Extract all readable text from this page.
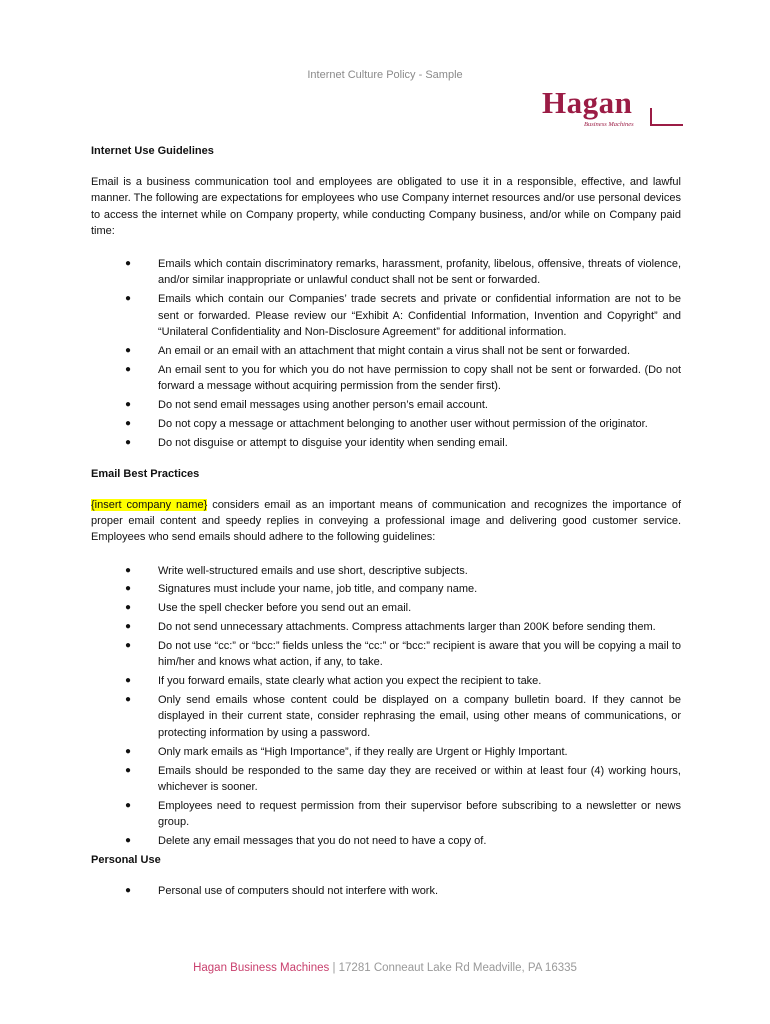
Internet Culture Policy - Sample
Hagan
Business Machines

Internet Use Guidelines

Email is a business communication tool and employees are obligated to use it in a responsible, effective, and lawful manner. The following are expectations for employees who use Company internet resources and/or use personal devices to access the internet while on Company property, while conducting Company business, and/or while on Company paid time:

● Emails which contain discriminatory remarks, harassment, profanity, libelous, offensive, threats of violence, and/or similar inappropriate or unlawful conduct shall not be sent or forwarded.
● Emails which contain our Companies’ trade secrets and private or confidential information are not to be sent or forwarded. Please review our “Exhibit A: Confidential Information, Invention and Copyright” and “Unilateral Confidentiality and Non-Disclosure Agreement” for additional information.
● An email or an email with an attachment that might contain a virus shall not be sent or forwarded.
● An email sent to you for which you do not have permission to copy shall not be sent or forwarded. (Do not forward a message without acquiring permission from the sender first).
● Do not send email messages using another person’s email account.
● Do not copy a message or attachment belonging to another user without permission of the originator.
● Do not disguise or attempt to disguise your identity when sending email.

Email Best Practices

{insert company name} considers email as an important means of communication and recognizes the importance of proper email content and speedy replies in conveying a professional image and delivering good customer service. Employees who send emails should adhere to the following guidelines:

● Write well-structured emails and use short, descriptive subjects.
● Signatures must include your name, job title, and company name.
● Use the spell checker before you send out an email.
● Do not send unnecessary attachments. Compress attachments larger than 200K before sending them.
● Do not use “cc:” or “bcc:” fields unless the “cc:” or “bcc:” recipient is aware that you will be copying a mail to him/her and knows what action, if any, to take.
● If you forward emails, state clearly what action you expect the recipient to take.
● Only send emails whose content could be displayed on a company bulletin board. If they cannot be displayed in their current state, consider rephrasing the email, using other means of communications, or protecting information by using a password.
● Only mark emails as “High Importance”, if they really are Urgent or Highly Important.
● Emails should be responded to the same day they are received or within at least four (4) working hours, whichever is sooner.
● Employees need to request permission from their supervisor before subscribing to a newsletter or news group.
● Delete any email messages that you do not need to have a copy of.

Personal Use

● Personal use of computers should not interfere with work.
Hagan Business Machines | 17281 Conneaut Lake Rd Meadville, PA 16335
